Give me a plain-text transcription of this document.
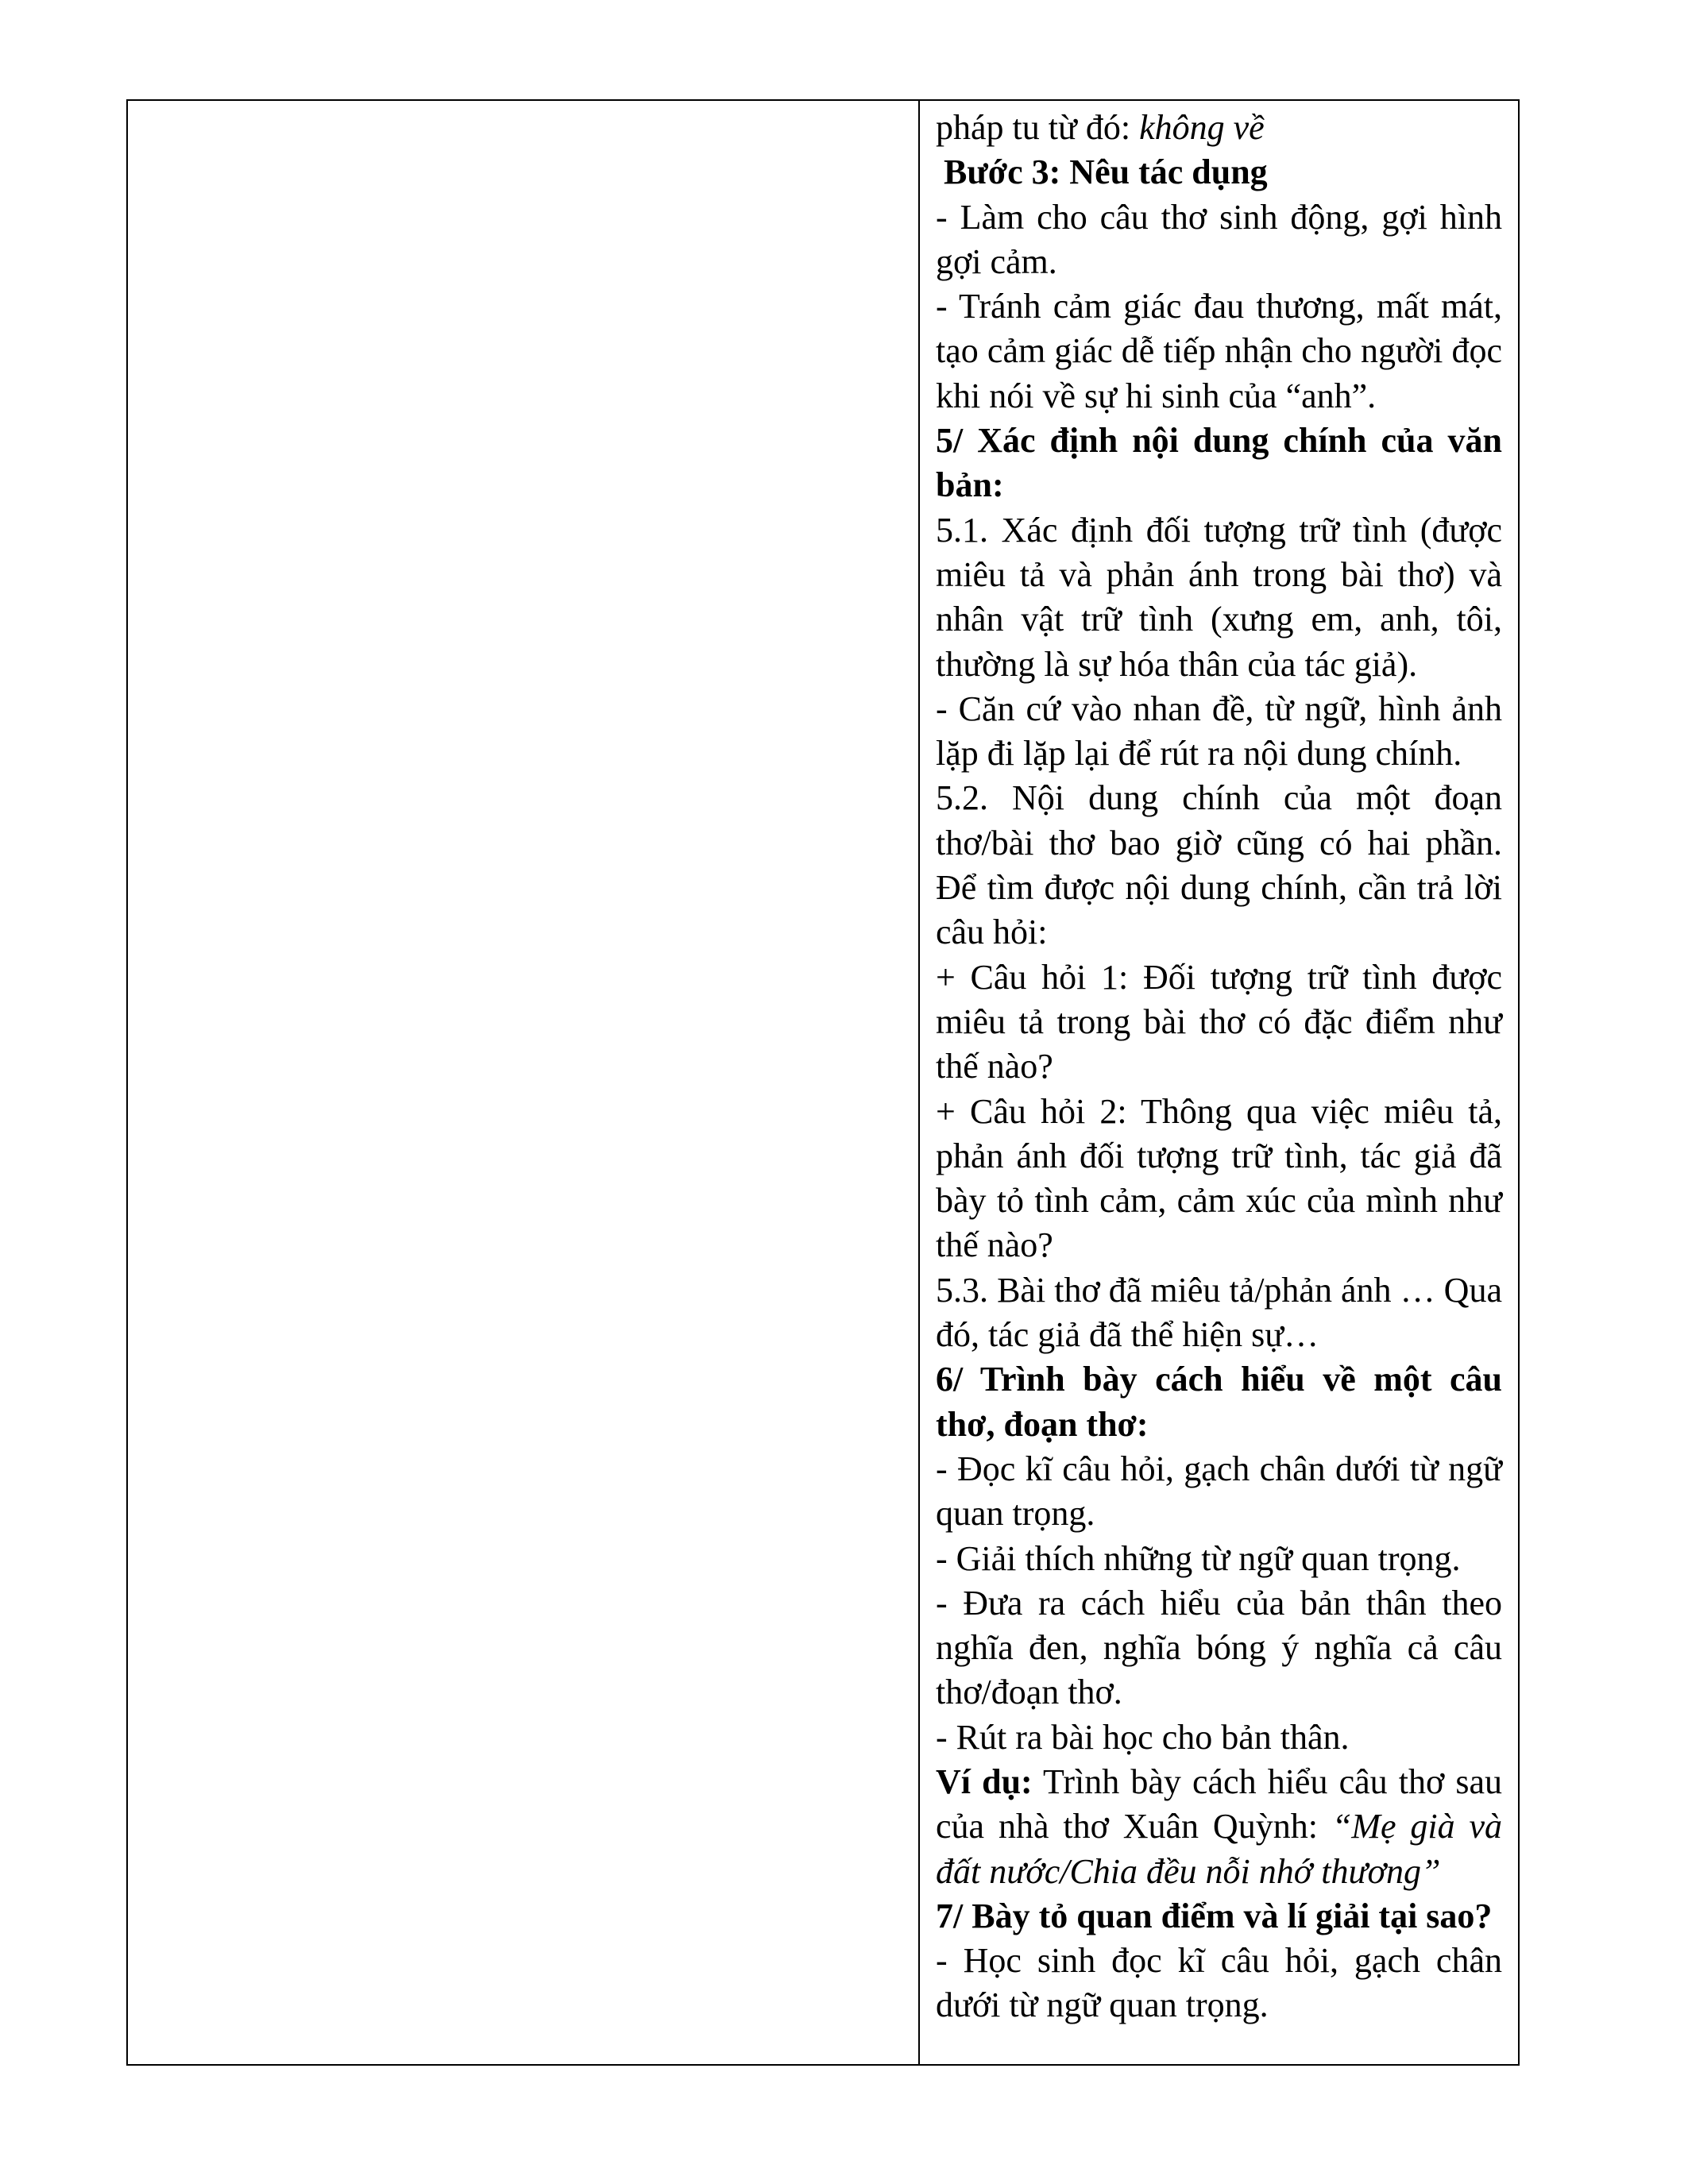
pháp tu từ đó: không về

Bước 3: Nêu tác dụng

- Làm cho câu thơ sinh động, gợi hình gợi cảm.

- Tránh cảm giác đau thương, mất mát, tạo cảm giác dễ tiếp nhận cho người đọc khi nói về sự hi sinh của “anh”.

5/ Xác định nội dung chính của văn bản:

5.1. Xác định đối tượng trữ tình (được miêu tả và phản ánh trong bài thơ) và nhân vật trữ tình (xưng em, anh, tôi, thường là sự hóa thân của tác giả).

- Căn cứ vào nhan đề, từ ngữ, hình ảnh lặp đi lặp lại để rút ra nội dung chính.

5.2. Nội dung chính của một đoạn thơ/bài thơ bao giờ cũng có hai phần. Để tìm được nội dung chính, cần trả lời câu hỏi:

+ Câu hỏi 1: Đối tượng trữ tình được miêu tả trong bài thơ có đặc điểm như thế nào?

+ Câu hỏi 2: Thông qua việc miêu tả, phản ánh đối tượng trữ tình, tác giả đã bày tỏ tình cảm, cảm xúc của mình như thế nào?

5.3. Bài thơ đã miêu tả/phản ánh … Qua đó, tác giả đã thể hiện sự…

6/ Trình bày cách hiểu về một câu thơ, đoạn thơ:

- Đọc kĩ câu hỏi, gạch chân dưới từ ngữ quan trọng.

- Giải thích những từ ngữ quan trọng.

- Đưa ra cách hiểu của bản thân theo nghĩa đen, nghĩa bóng ý nghĩa cả câu thơ/đoạn thơ.

- Rút ra bài học cho bản thân.

Ví dụ: Trình bày cách hiểu câu thơ sau của nhà thơ Xuân Quỳnh: “Mẹ già và đất nước/Chia đều nỗi nhớ thương”

7/ Bày tỏ quan điểm và lí giải tại sao?

- Học sinh đọc kĩ câu hỏi, gạch chân dưới từ ngữ quan trọng.
